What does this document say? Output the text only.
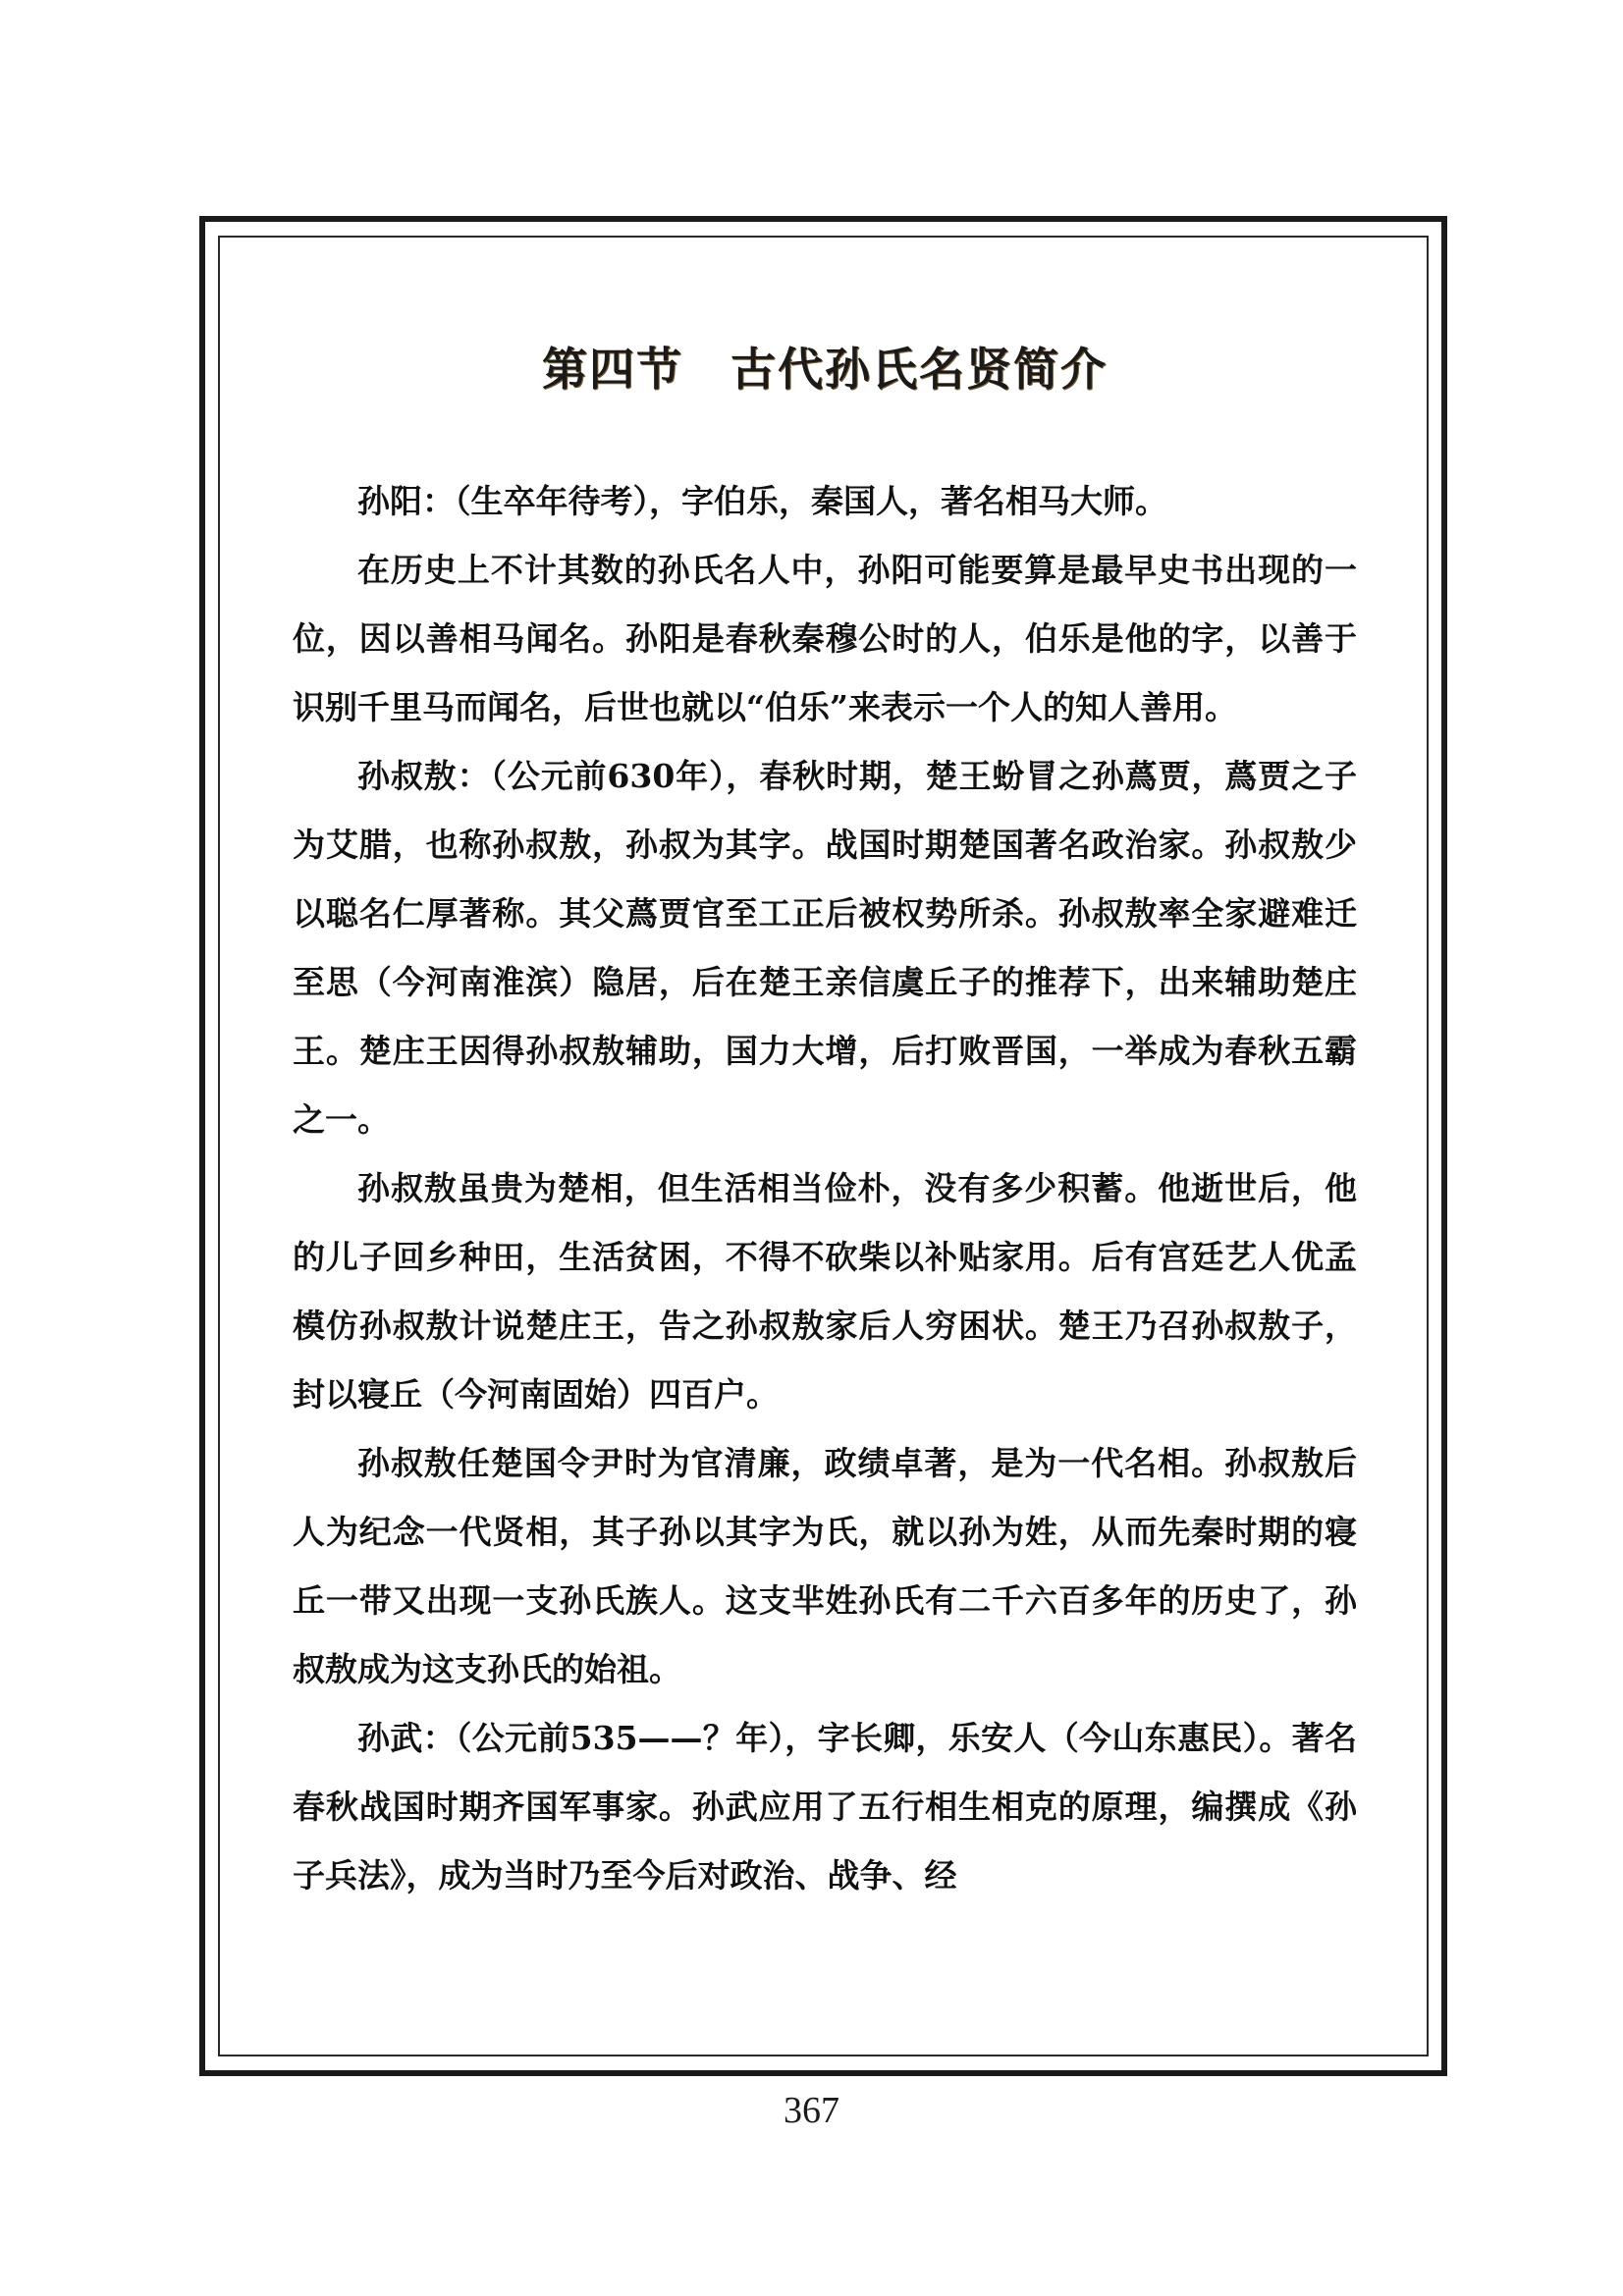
第四节　古代孙氏名贤简介

孙阳：（生卒年待考），字伯乐，秦国人，著名相马大师。

在历史上不计其数的孙氏名人中，孙阳可能要算是最早史书出现的一位，因以善相马闻名。孙阳是春秋秦穆公时的人，伯乐是他的字，以善于识别千里马而闻名，后世也就以“伯乐”来表示一个人的知人善用。

孙叔敖：（公元前630年），春秋时期，楚王蚡冒之孙蔿贾，蔿贾之子为艾腊，也称孙叔敖，孙叔为其字。战国时期楚国著名政治家。孙叔敖少以聪名仁厚著称。其父蔿贾官至工正后被权势所杀。孙叔敖率全家避难迁至思（今河南淮滨）隐居，后在楚王亲信虞丘子的推荐下，出来辅助楚庄王。楚庄王因得孙叔敖辅助，国力大增，后打败晋国，一举成为春秋五霸之一。

孙叔敖虽贵为楚相，但生活相当俭朴，没有多少积蓄。他逝世后，他的儿子回乡种田，生活贫困，不得不砍柴以补贴家用。后有宫廷艺人优孟模仿孙叔敖计说楚庄王，告之孙叔敖家后人穷困状。楚王乃召孙叔敖子，封以寝丘（今河南固始）四百户。

孙叔敖任楚国令尹时为官清廉，政绩卓著，是为一代名相。孙叔敖后人为纪念一代贤相，其子孙以其字为氏，就以孙为姓，从而先秦时期的寝丘一带又出现一支孙氏族人。这支芈姓孙氏有二千六百多年的历史了，孙叔敖成为这支孙氏的始祖。

孙武：（公元前535——？年），字长卿，乐安人（今山东惠民）。著名春秋战国时期齐国军事家。孙武应用了五行相生相克的原理，编撰成《孙子兵法》，成为当时乃至今后对政治、战争、经

367
